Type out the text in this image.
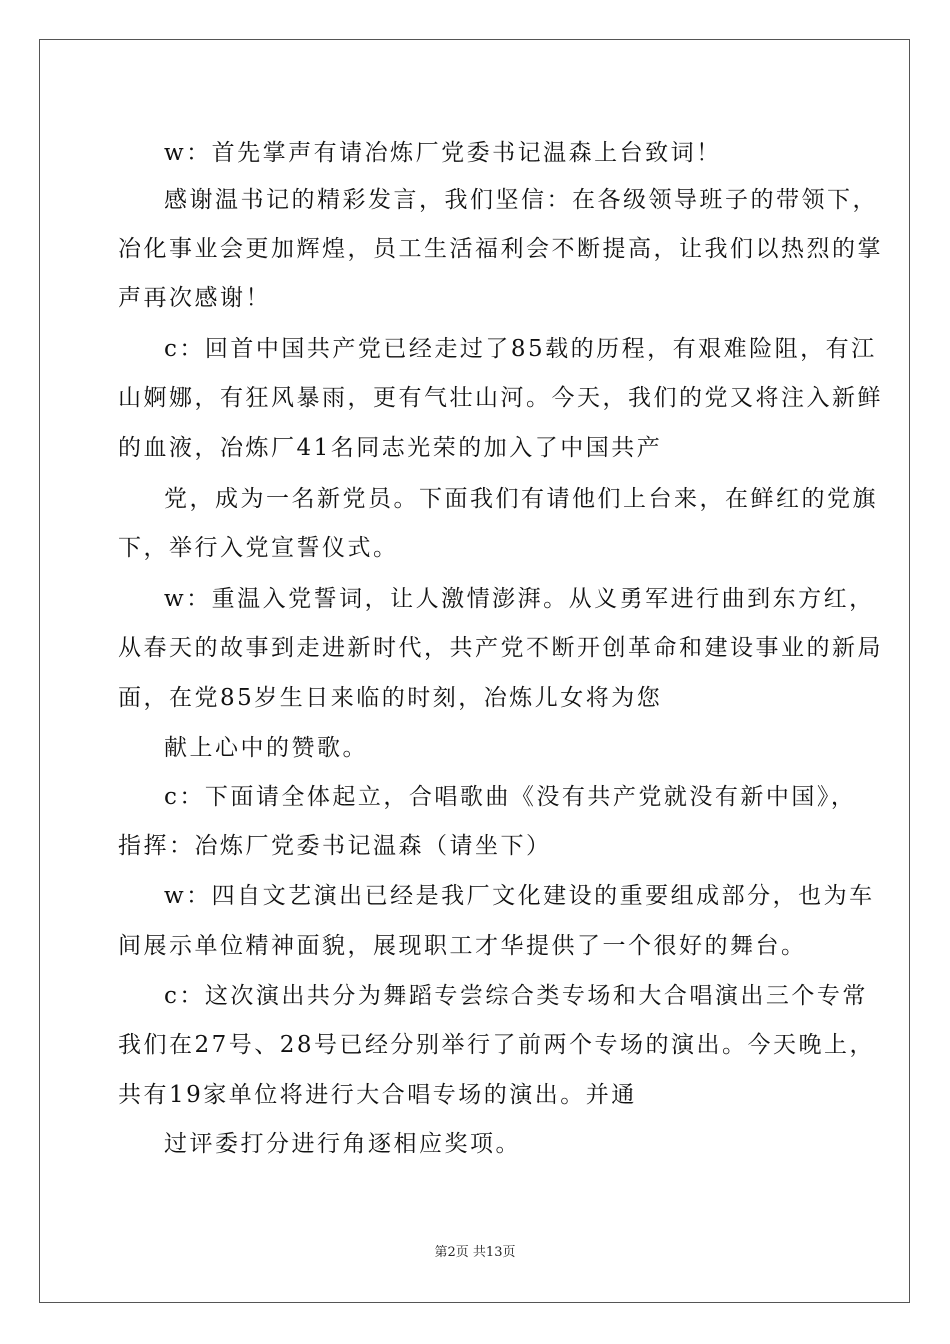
w：首先掌声有请冶炼厂党委书记温森上台致词！
感谢温书记的精彩发言，我们坚信：在各级领导班子的带领下，
冶化事业会更加辉煌，员工生活福利会不断提高，让我们以热烈的掌
声再次感谢！
c：回首中国共产党已经走过了85载的历程，有艰难险阻，有江
山婀娜，有狂风暴雨，更有气壮山河。今天，我们的党又将注入新鲜
的血液，冶炼厂41名同志光荣的加入了中国共产
党，成为一名新党员。下面我们有请他们上台来，在鲜红的党旗
下，举行入党宣誓仪式。
w：重温入党誓词，让人激情澎湃。从义勇军进行曲到东方红，
从春天的故事到走进新时代，共产党不断开创革命和建设事业的新局
面，在党85岁生日来临的时刻，冶炼儿女将为您
献上心中的赞歌。
c：下面请全体起立，合唱歌曲《没有共产党就没有新中国》，
指挥：冶炼厂党委书记温森（请坐下）
w：四自文艺演出已经是我厂文化建设的重要组成部分，也为车
间展示单位精神面貌，展现职工才华提供了一个很好的舞台。
c：这次演出共分为舞蹈专尝综合类专场和大合唱演出三个专常
我们在27号、28号已经分别举行了前两个专场的演出。今天晚上，
共有19家单位将进行大合唱专场的演出。并通
过评委打分进行角逐相应奖项。
第2页 共13页
